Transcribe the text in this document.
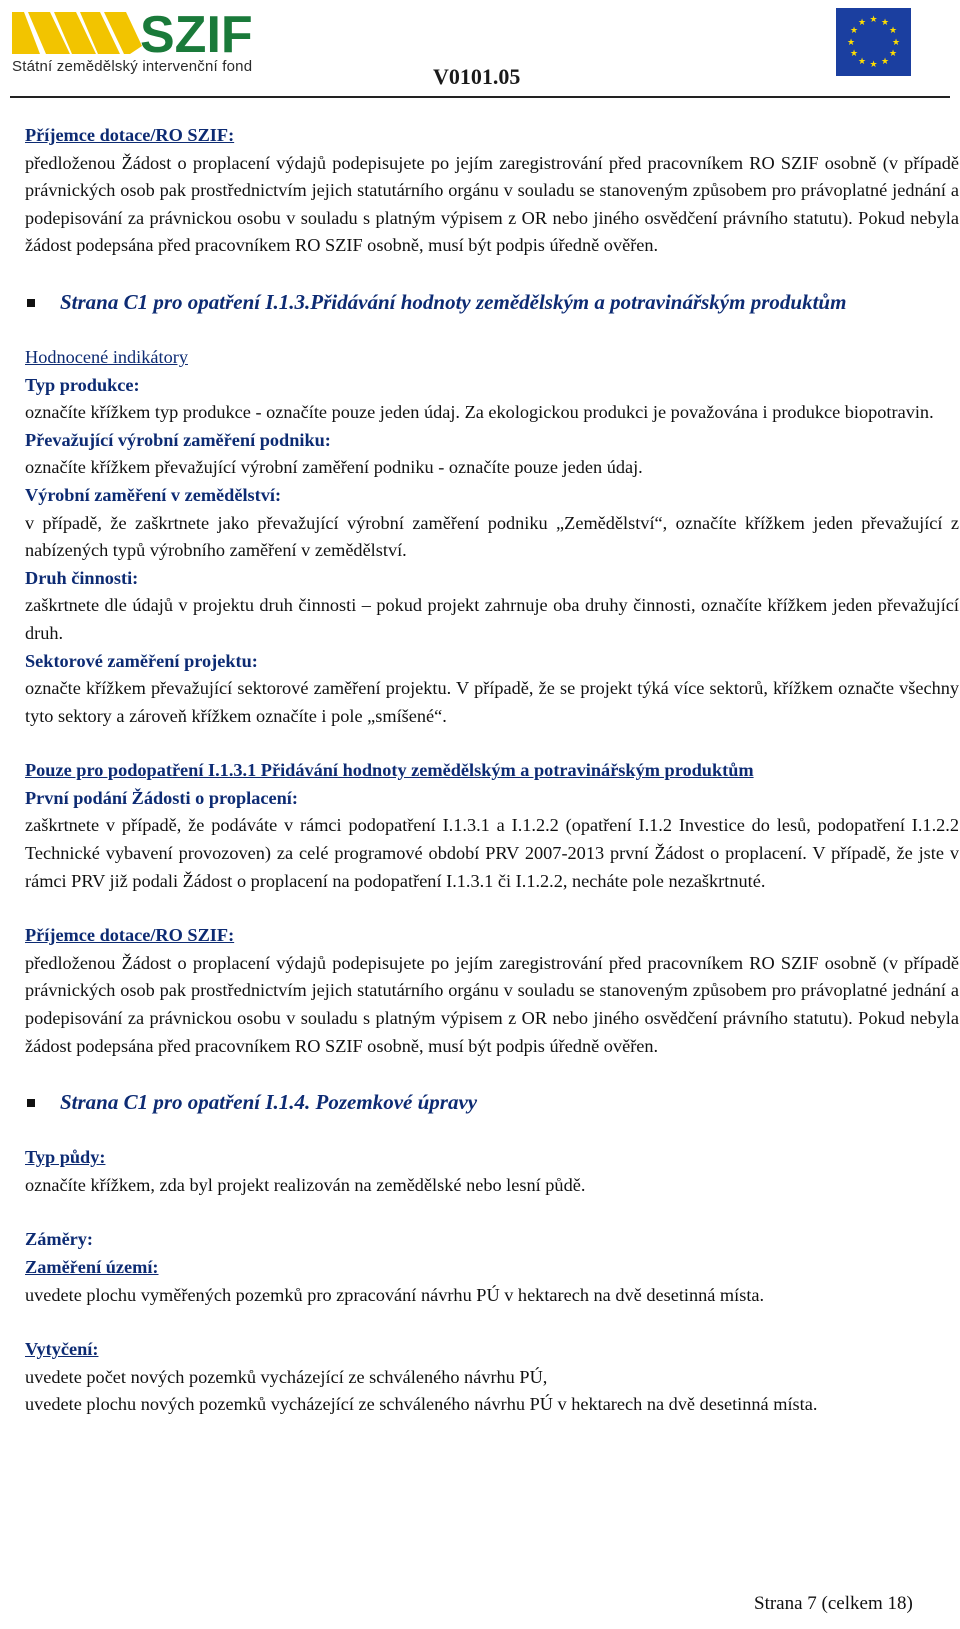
SZIF
Státní zemědělský intervenční fond	V0101.05
★ ★
★
★
★
★
★
★
★
★
★
★

Příjemce dotace/RO SZIF:

předloženou Žádost o proplacení výdajů podepisujete po jejím zaregistrování před pracovníkem RO SZIF osobně (v případě právnických osob pak prostřednictvím jejich statutárního orgánu v souladu se stanoveným způsobem pro právoplatné jednání a podepisování za právnickou osobu v souladu s platným výpisem z OR nebo jiného osvědčení právního statutu). Pokud nebyla žádost podepsána před pracovníkem RO SZIF osobně, musí být podpis úředně ověřen.

Strana C1 pro opatření I.1.3.Přidávání hodnoty zemědělským a potravinářským produktům

Hodnocené indikátory

Typ produkce:

označíte křížkem typ produkce - označíte pouze jeden údaj. Za ekologickou produkci je považována i produkce biopotravin.

Převažující výrobní zaměření podniku:

označíte křížkem převažující výrobní zaměření podniku - označíte pouze jeden údaj.

Výrobní zaměření v zemědělství:

v případě, že zaškrtnete jako převažující výrobní zaměření podniku „Zemědělství“, označíte křížkem jeden převažující z nabízených typů výrobního zaměření v zemědělství.

Druh činnosti:

zaškrtnete dle údajů v projektu druh činnosti – pokud projekt zahrnuje oba druhy činnosti, označíte křížkem jeden převažující druh.

Sektorové zaměření projektu:

označte křížkem převažující sektorové zaměření projektu. V případě, že se projekt týká více sektorů, křížkem označte všechny tyto sektory a zároveň křížkem označíte i pole „smíšené“.

Pouze pro podopatření I.1.3.1 Přidávání hodnoty zemědělským a potravinářským produktům

První podání Žádosti o proplacení:

zaškrtnete v případě, že podáváte v rámci podopatření I.1.3.1 a I.1.2.2 (opatření I.1.2 Investice do lesů, podopatření I.1.2.2 Technické vybavení provozoven) za celé programové období PRV 2007-2013 první Žádost o proplacení. V případě, že jste v rámci PRV již podali Žádost o proplacení na podopatření I.1.3.1 či I.1.2.2, necháte pole nezaškrtnuté.

Příjemce dotace/RO SZIF:

předloženou Žádost o proplacení výdajů podepisujete po jejím zaregistrování před pracovníkem RO SZIF osobně (v případě právnických osob pak prostřednictvím jejich statutárního orgánu v souladu se stanoveným způsobem pro právoplatné jednání a podepisování za právnickou osobu v souladu s platným výpisem z OR nebo jiného osvědčení právního statutu). Pokud nebyla žádost podepsána před pracovníkem RO SZIF osobně, musí být podpis úředně ověřen.

Strana C1 pro opatření I.1.4. Pozemkové úpravy

Typ půdy:

označíte křížkem, zda byl projekt realizován na zemědělské nebo lesní půdě.

Záměry:

Zaměření území:

uvedete plochu vyměřených pozemků pro zpracování návrhu PÚ v hektarech na dvě desetinná místa.

Vytyčení:

uvedete počet nových pozemků vycházející ze schváleného návrhu PÚ,

uvedete plochu nových pozemků vycházející ze schváleného návrhu PÚ v hektarech na dvě desetinná místa.

Strana 7 (celkem 18)
